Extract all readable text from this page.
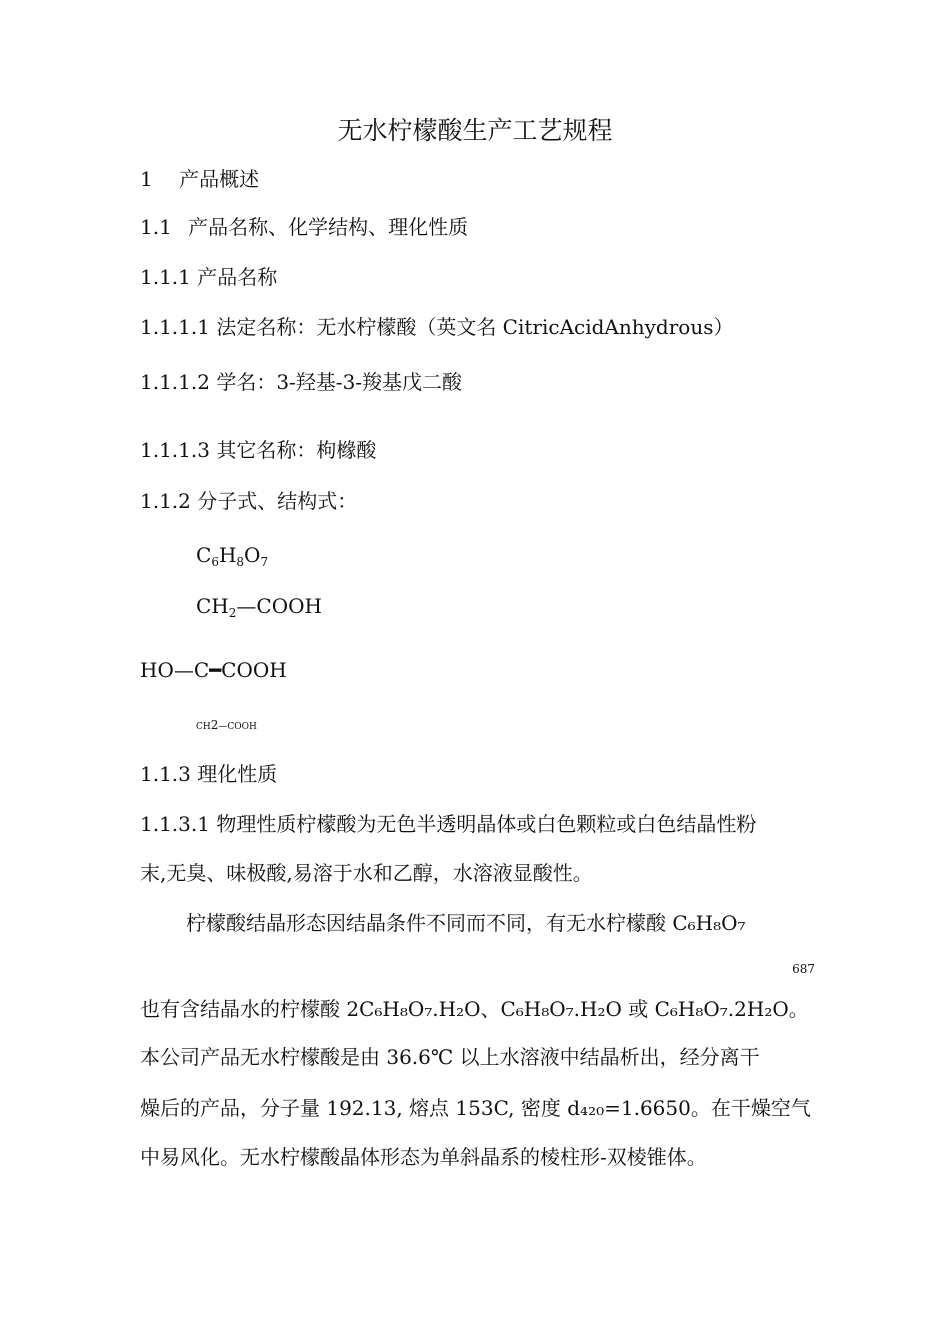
无水柠檬酸生产工艺规程
1 产品概述
1.1 产品名称、化学结构、理化性质
1.1.1 产品名称
1.1.1.1 法定名称：无水柠檬酸（英文名 CitricAcidAnhydrous）
1.1.1.2 学名：3-羟基-3-羧基戊二酸
1.1.1.3 其它名称：枸橼酸
1.1.2 分子式、结构式：
$C_6H_8O_7$
$CH_2—COOH$
HO—C━COOH
CH2—COOH
1.1.3 理化性质
1.1.3.1 物理性质柠檬酸为无色半透明晶体或白色颗粒或白色结晶性粉
末,无臭、味极酸,易溶于水和乙醇，水溶液显酸性。
柠檬酸结晶形态因结晶条件不同而不同，有无水柠檬酸 C₆H₈O₇
687
也有含结晶水的柠檬酸 2C₆H₈O₇.H₂O、C₆H₈O₇.H₂O 或 C₆H₈O₇.2H₂O。
本公司产品无水柠檬酸是由 36.6℃ 以上水溶液中结晶析出，经分离干
燥后的产品，分子量 192.13, 熔点 153C, 密度 d₄₂₀=1.6650。在干燥空气
中易风化。无水柠檬酸晶体形态为单斜晶系的棱柱形-双棱锥体。
